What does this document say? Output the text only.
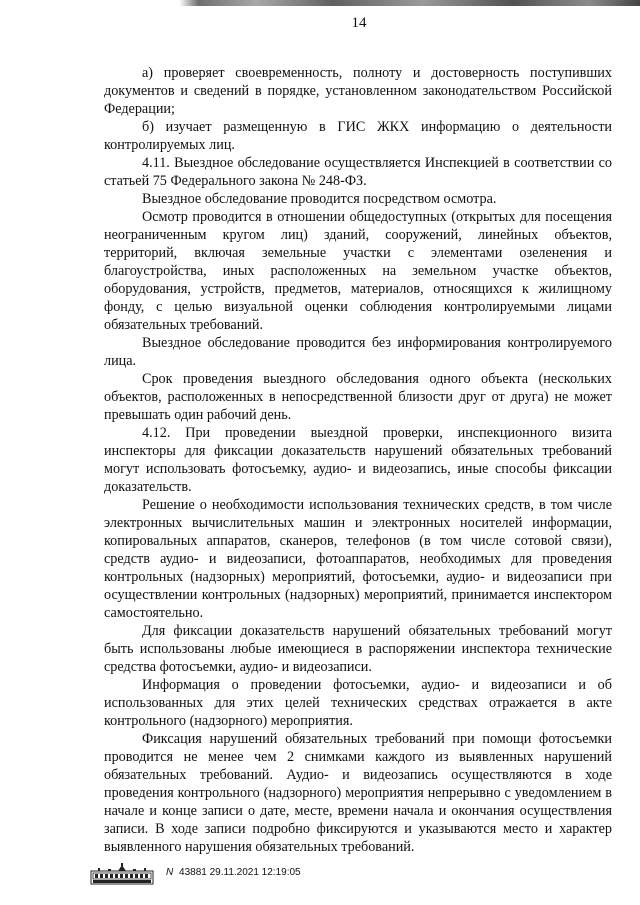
14

а) проверяет своевременность, полноту и достоверность поступивших документов и сведений в порядке, установленном законодательством Российской Федерации;

б) изучает размещенную в ГИС ЖКХ информацию о деятельности контролируемых лиц.

4.11. Выездное обследование осуществляется Инспекцией в соответствии со статьей 75 Федерального закона № 248-ФЗ.

Выездное обследование проводится посредством осмотра.

Осмотр проводится в отношении общедоступных (открытых для посещения неограниченным кругом лиц) зданий, сооружений, линейных объектов, территорий, включая земельные участки с элементами озеленения и благоустройства, иных расположенных на земельном участке объектов, оборудования, устройств, предметов, материалов, относящихся к жилищному фонду, с целью визуальной оценки соблюдения контролируемыми лицами обязательных требований.

Выездное обследование проводится без информирования контролируемого лица.

Срок проведения выездного обследования одного объекта (нескольких объектов, расположенных в непосредственной близости друг от друга) не может превышать один рабочий день.

4.12. При проведении выездной проверки, инспекционного визита инспекторы для фиксации доказательств нарушений обязательных требований могут использовать фотосъемку, аудио- и видеозапись, иные способы фиксации доказательств.

Решение о необходимости использования технических средств, в том числе электронных вычислительных машин и электронных носителей информации, копировальных аппаратов, сканеров, телефонов (в том числе сотовой связи), средств аудио- и видеозаписи, фотоаппаратов, необходимых для проведения контрольных (надзорных) мероприятий, фотосъемки, аудио- и видеозаписи при осуществлении контрольных (надзорных) мероприятий, принимается инспектором самостоятельно.

Для фиксации доказательств нарушений обязательных требований могут быть использованы любые имеющиеся в распоряжении инспектора технические средства фотосъемки, аудио- и видеозаписи.

Информация о проведении фотосъемки, аудио- и видеозаписи и об использованных для этих целей технических средствах отражается в акте контрольного (надзорного) мероприятия.

Фиксация нарушений обязательных требований при помощи фотосъемки проводится не менее чем 2 снимками каждого из выявленных нарушений обязательных требований. Аудио- и видеозапись осуществляются в ходе проведения контрольного (надзорного) мероприятия непрерывно с уведомлением в начале и конце записи о дате, месте, времени начала и окончания осуществления записи. В ходе записи подробно фиксируются и указываются место и характер выявленного нарушения обязательных требований.

N 43881 29.11.2021 12:19:05
